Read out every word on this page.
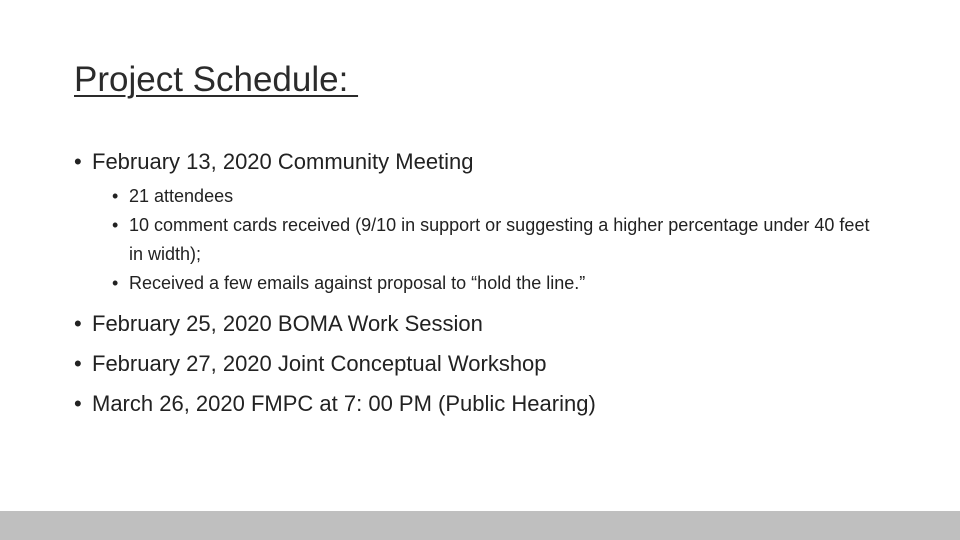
Project Schedule:
• February 13, 2020 Community Meeting
• 21 attendees
• 10 comment cards received (9/10 in support or suggesting a higher percentage under 40 feet in width);
• Received a few emails against proposal to “hold the line.”
• February 25, 2020 BOMA Work Session
• February 27, 2020 Joint Conceptual Workshop
• March 26, 2020 FMPC at 7: 00 PM (Public Hearing)
